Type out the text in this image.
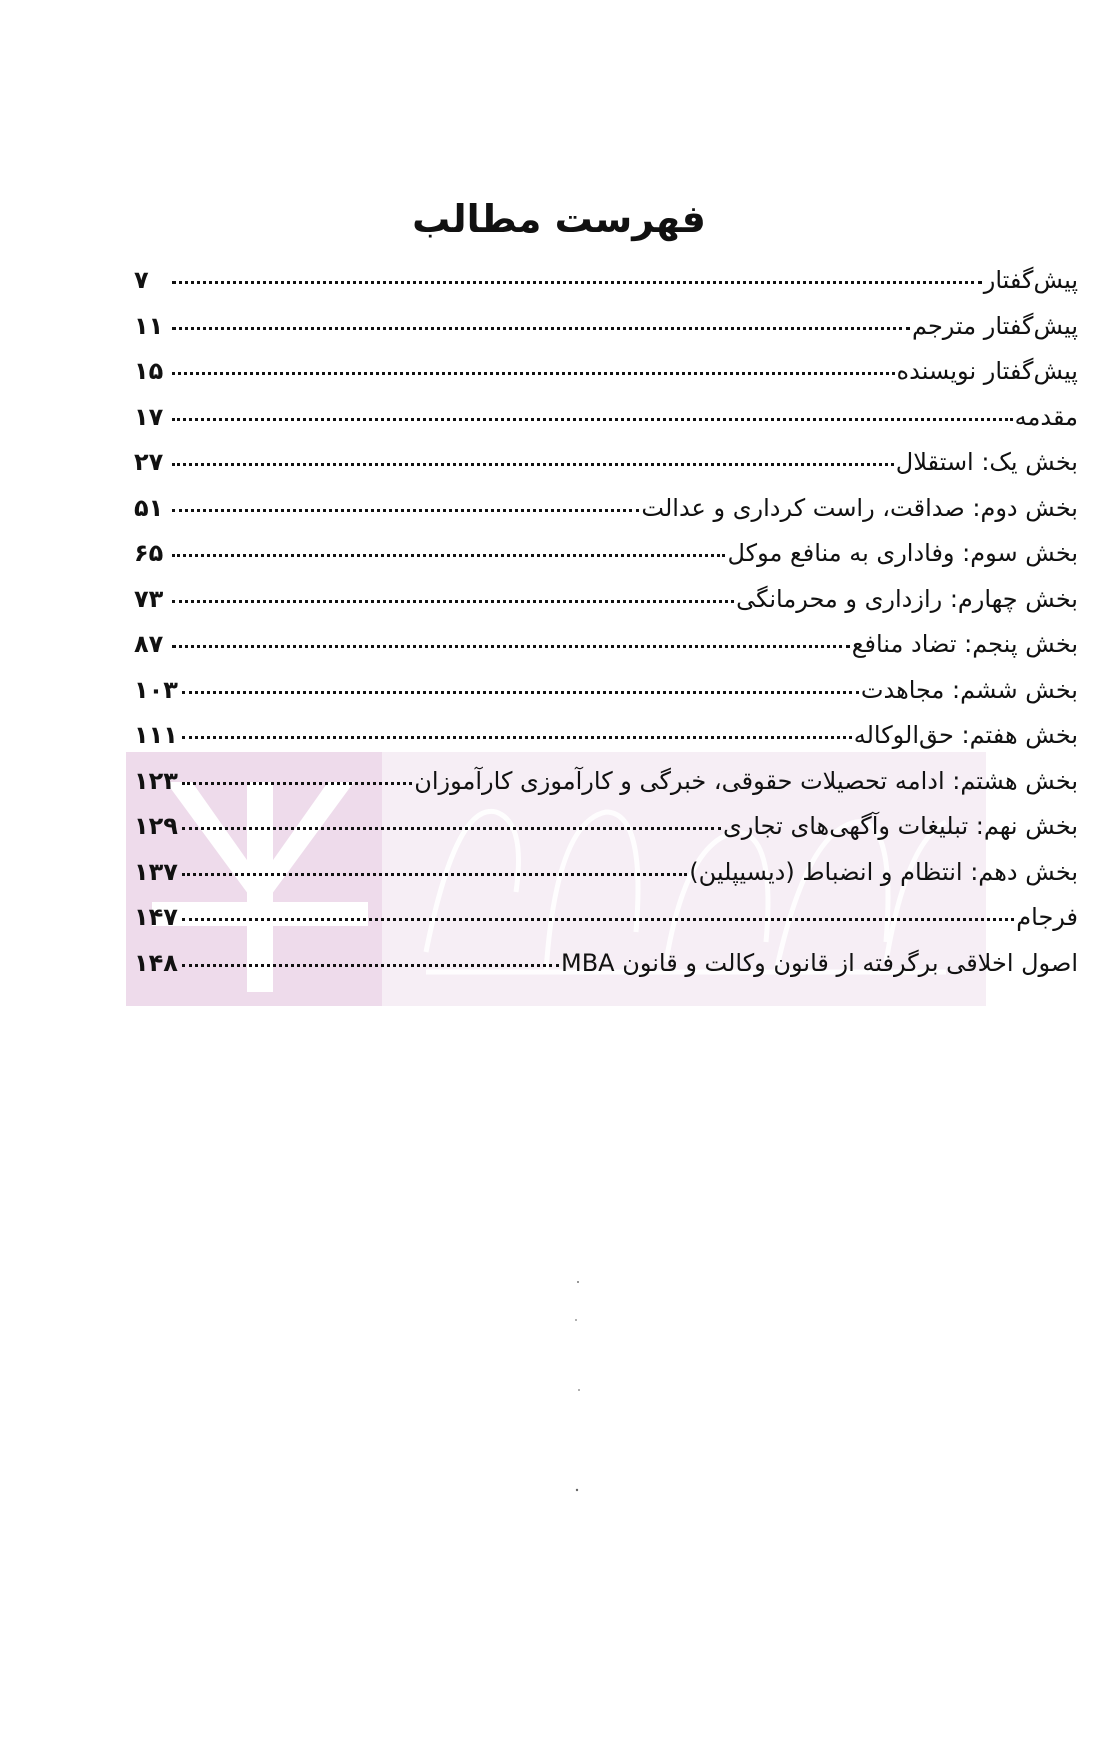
فهرست مطالب
پیش‌گفتار
۷
پیش‌گفتار مترجم
۱۱
پیش‌گفتار نویسنده
۱۵
مقدمه
۱۷
بخش یک: استقلال
۲۷
بخش دوم: صداقت، راست کرداری و عدالت
۵۱
بخش سوم: وفاداری به منافع موکل
۶۵
بخش چهارم: رازداری و محرمانگی
۷۳
بخش پنجم: تضاد منافع
۸۷
بخش ششم: مجاهدت
۱۰۳
بخش هفتم: حق‌الوکاله
۱۱۱
بخش هشتم: ادامه تحصیلات حقوقی، خبرگی و کارآموزی کارآموزان
۱۲۳
بخش نهم: تبلیغات وآگهی‌های تجاری
۱۲۹
بخش دهم: انتظام و انضباط (دیسیپلین)
۱۳۷
فرجام
۱۴۷
اصول اخلاقی برگرفته از قانون وکالت و قانون MBA
۱۴۸
